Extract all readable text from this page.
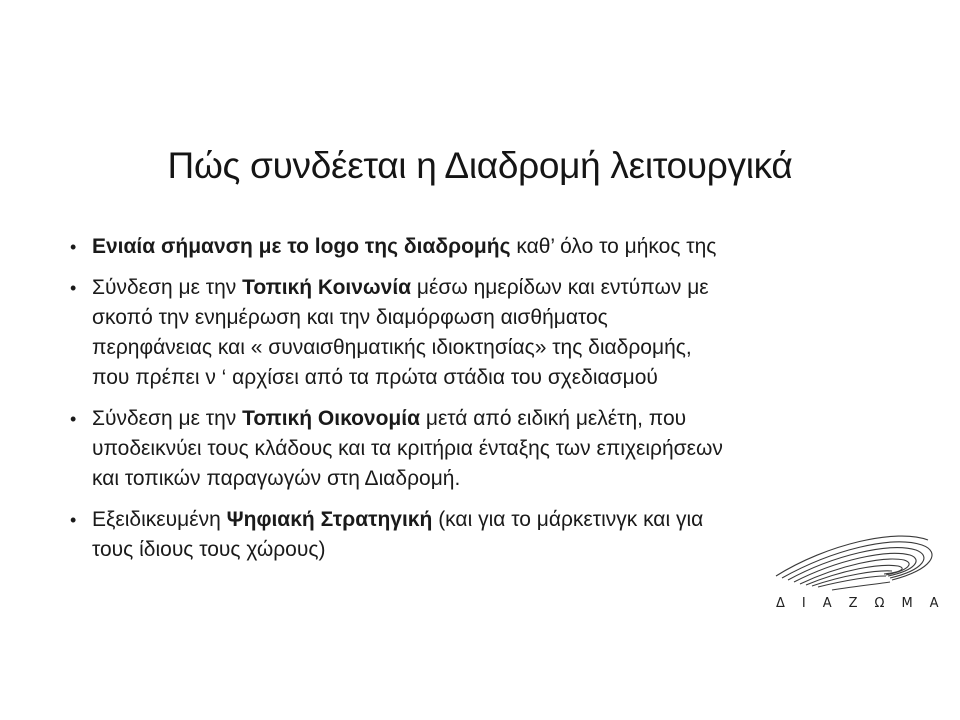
Πώς συνδέεται η Διαδρομή λειτουργικά
• Ενιαία σήμανση με το logo της διαδρομής καθ’ όλο το μήκος της
• Σύνδεση με την Τοπική Κοινωνία μέσω ημερίδων και εντύπων με
σκοπό την ενημέρωση και την διαμόρφωση αισθήματος
περηφάνειας και « συναισθηματικής ιδιοκτησίας» της διαδρομής,
που πρέπει ν ‘ αρχίσει από τα πρώτα στάδια του σχεδιασμού
• Σύνδεση με την Τοπική Οικονομία μετά από ειδική μελέτη, που
υποδεικνύει τους κλάδους και τα κριτήρια ένταξης των επιχειρήσεων
και τοπικών παραγωγών στη Διαδρομή.
• Εξειδικευμένη Ψηφιακή Στρατηγική (και για το μάρκετινγκ και για
τους ίδιους τους χώρους)
ΔΙΑΖΩΜΑ
